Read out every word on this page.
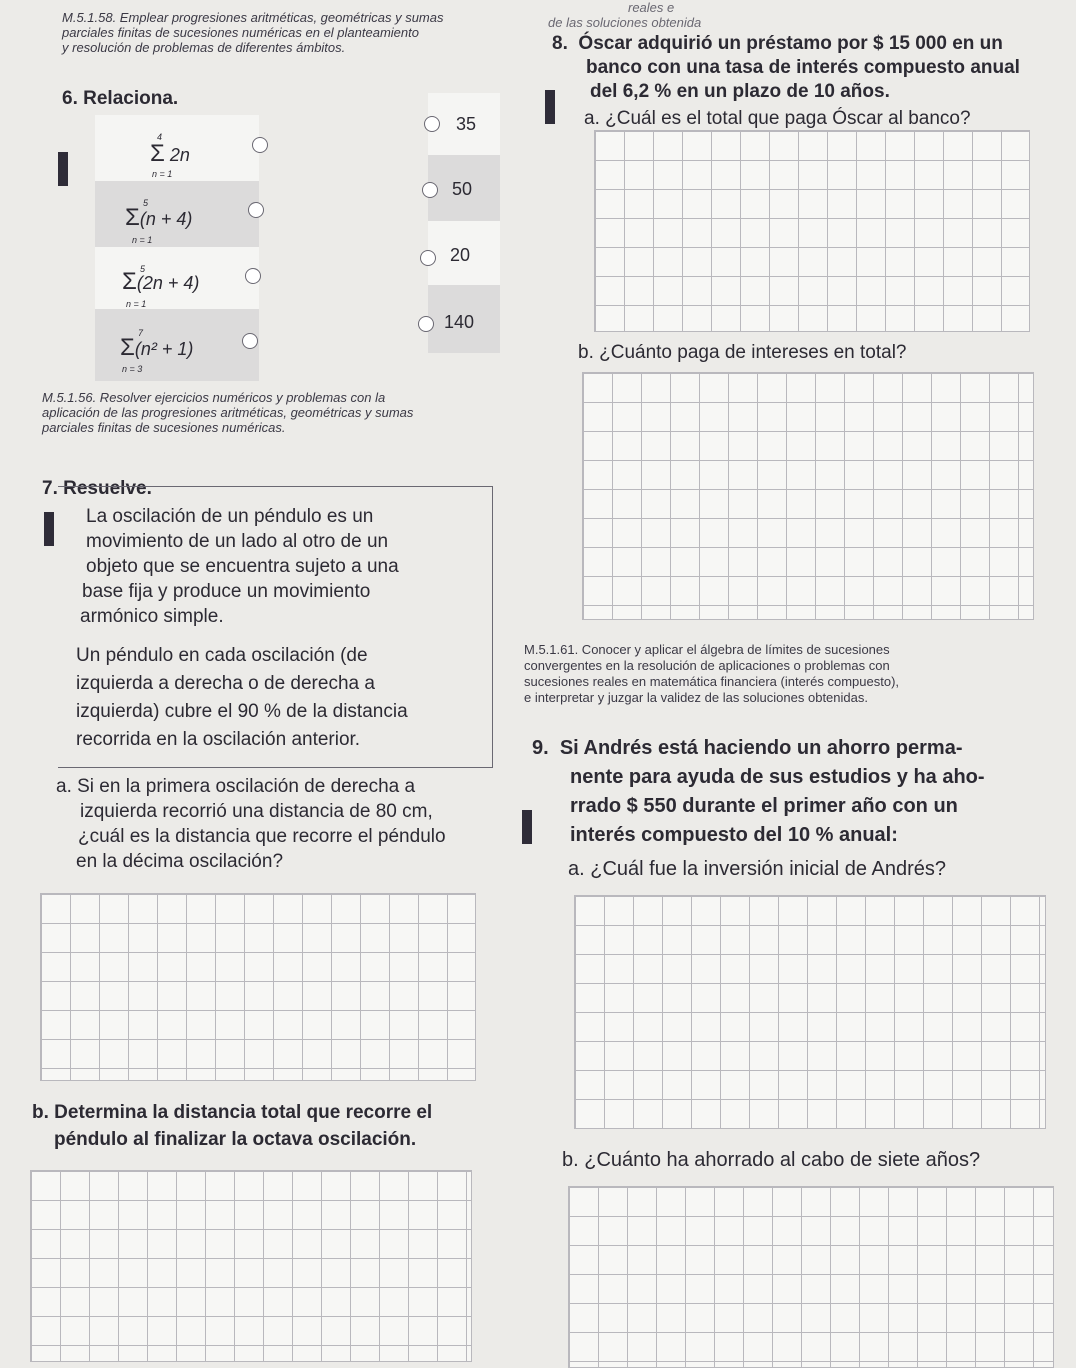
M.5.1.58. Emplear progresiones aritméticas, geométricas y sumas
parciales finitas de sucesiones numéricas en el planteamiento
y resolución de problemas de diferentes ámbitos.
reales e
de las soluciones obtenida
6. Relaciona.
1 punto
Σ 2n
4
n = 1
Σ(n + 4)
5
n = 1
Σ(2n + 4)
5
n = 1
Σ(n² + 1)
7
n = 3
35
50
20
140
M.5.1.56. Resolver ejercicios numéricos y problemas con la
aplicación de las progresiones aritméticas, geométricas y sumas
parciales finitas de sucesiones numéricas.
7. Resuelve.
1 punto La oscilación de un péndulo es un
movimiento de un lado al otro de un
objeto que se encuentra sujeto a una
base fija y produce un movimiento
armónico simple.
Un péndulo en cada oscilación (de
izquierda a derecha o de derecha a
izquierda) cubre el 90 % de la distancia
recorrida en la oscilación anterior.
a. Si en la primera oscilación de derecha a
izquierda recorrió una distancia de 80 cm,
¿cuál es la distancia que recorre el péndulo
en la décima oscilación?
b. Determina la distancia total que recorre el
péndulo al finalizar la octava oscilación.
8. Óscar adquirió un préstamo por $ 15 000 en un
banco con una tasa de interés compuesto anual
del 6,2 % en un plazo de 10 años.
1 punto a. ¿Cuál es el total que paga Óscar al banco?
b. ¿Cuánto paga de intereses en total?
M.5.1.61. Conocer y aplicar el álgebra de límites de sucesiones
convergentes en la resolución de aplicaciones o problemas con
sucesiones reales en matemática financiera (interés compuesto),
e interpretar y juzgar la validez de las soluciones obtenidas.
9. Si Andrés está haciendo un ahorro perma-
nente para ayuda de sus estudios y ha aho-
rrado $ 550 durante el primer año con un
interés compuesto del 10 % anual:
1 punto
a. ¿Cuál fue la inversión inicial de Andrés?
b. ¿Cuánto ha ahorrado al cabo de siete años?
